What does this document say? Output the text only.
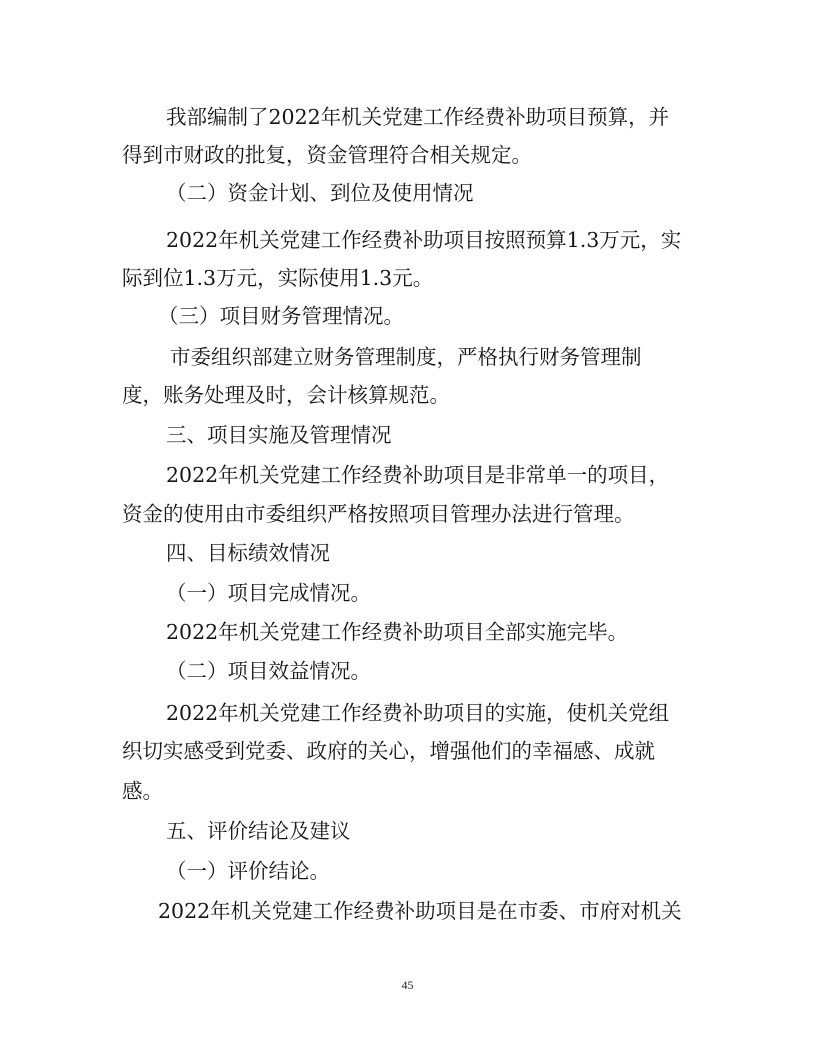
我部编制了2022年机关党建工作经费补助项目预算，并
得到市财政的批复，资金管理符合相关规定。
（二）资金计划、到位及使用情况
2022年机关党建工作经费补助项目按照预算1.3万元，实
际到位1.3万元，实际使用1.3元。
（三）项目财务管理情况。
市委组织部建立财务管理制度，严格执行财务管理制
度，账务处理及时，会计核算规范。
三、项目实施及管理情况
2022年机关党建工作经费补助项目是非常单一的项目，
资金的使用由市委组织严格按照项目管理办法进行管理。
四、目标绩效情况
（一）项目完成情况。
2022年机关党建工作经费补助项目全部实施完毕。
（二）项目效益情况。
2022年机关党建工作经费补助项目的实施，使机关党组
织切实感受到党委、政府的关心，增强他们的幸福感、成就
感。
五、评价结论及建议
（一）评价结论。
2022年机关党建工作经费补助项目是在市委、市府对机关
45
